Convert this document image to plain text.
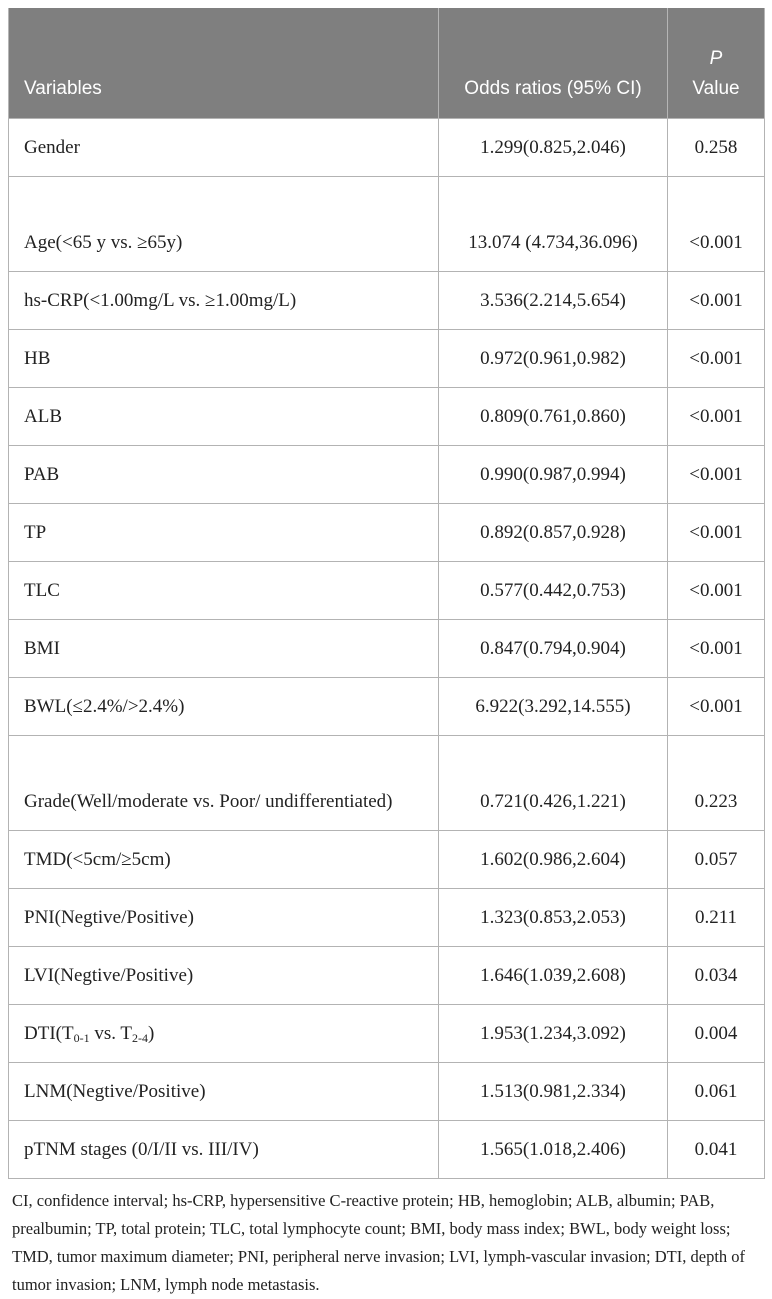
Variables	Odds ratios (95% CI)	P
Value
Gender	1.299(0.825,2.046)	0.258
Age(<65 y vs. ≥65y)	13.074 (4.734,36.096)	<0.001
hs-CRP(<1.00mg/L vs. ≥1.00mg/L)	3.536(2.214,5.654)	<0.001
HB	0.972(0.961,0.982)	<0.001
ALB	0.809(0.761,0.860)	<0.001
PAB	0.990(0.987,0.994)	<0.001
TP	0.892(0.857,0.928)	<0.001
TLC	0.577(0.442,0.753)	<0.001
BMI	0.847(0.794,0.904)	<0.001
BWL(≤2.4%/>2.4%)	6.922(3.292,14.555)	<0.001
Grade(Well/moderate vs. Poor/ undifferentiated)	0.721(0.426,1.221)	0.223
TMD(<5cm/≥5cm)	1.602(0.986,2.604)	0.057
PNI(Negtive/Positive)	1.323(0.853,2.053)	0.211
LVI(Negtive/Positive)	1.646(1.039,2.608)	0.034
$DTI(T_{0-1}$ vs. $T_{2-4}$)	1.953(1.234,3.092)	0.004
LNM(Negtive/Positive)	1.513(0.981,2.334)	0.061
pTNM stages (0/I/II vs. III/IV)	1.565(1.018,2.406)	0.041

CI, confidence interval; hs-CRP, hypersensitive C-reactive protein; HB, hemoglobin; ALB, albumin; PAB, prealbumin; TP, total protein; TLC, total lymphocyte count; BMI, body mass index; BWL, body weight loss; TMD, tumor maximum diameter; PNI, peripheral nerve invasion; LVI, lymph-vascular invasion; DTI, depth of tumor invasion; LNM, lymph node metastasis.
